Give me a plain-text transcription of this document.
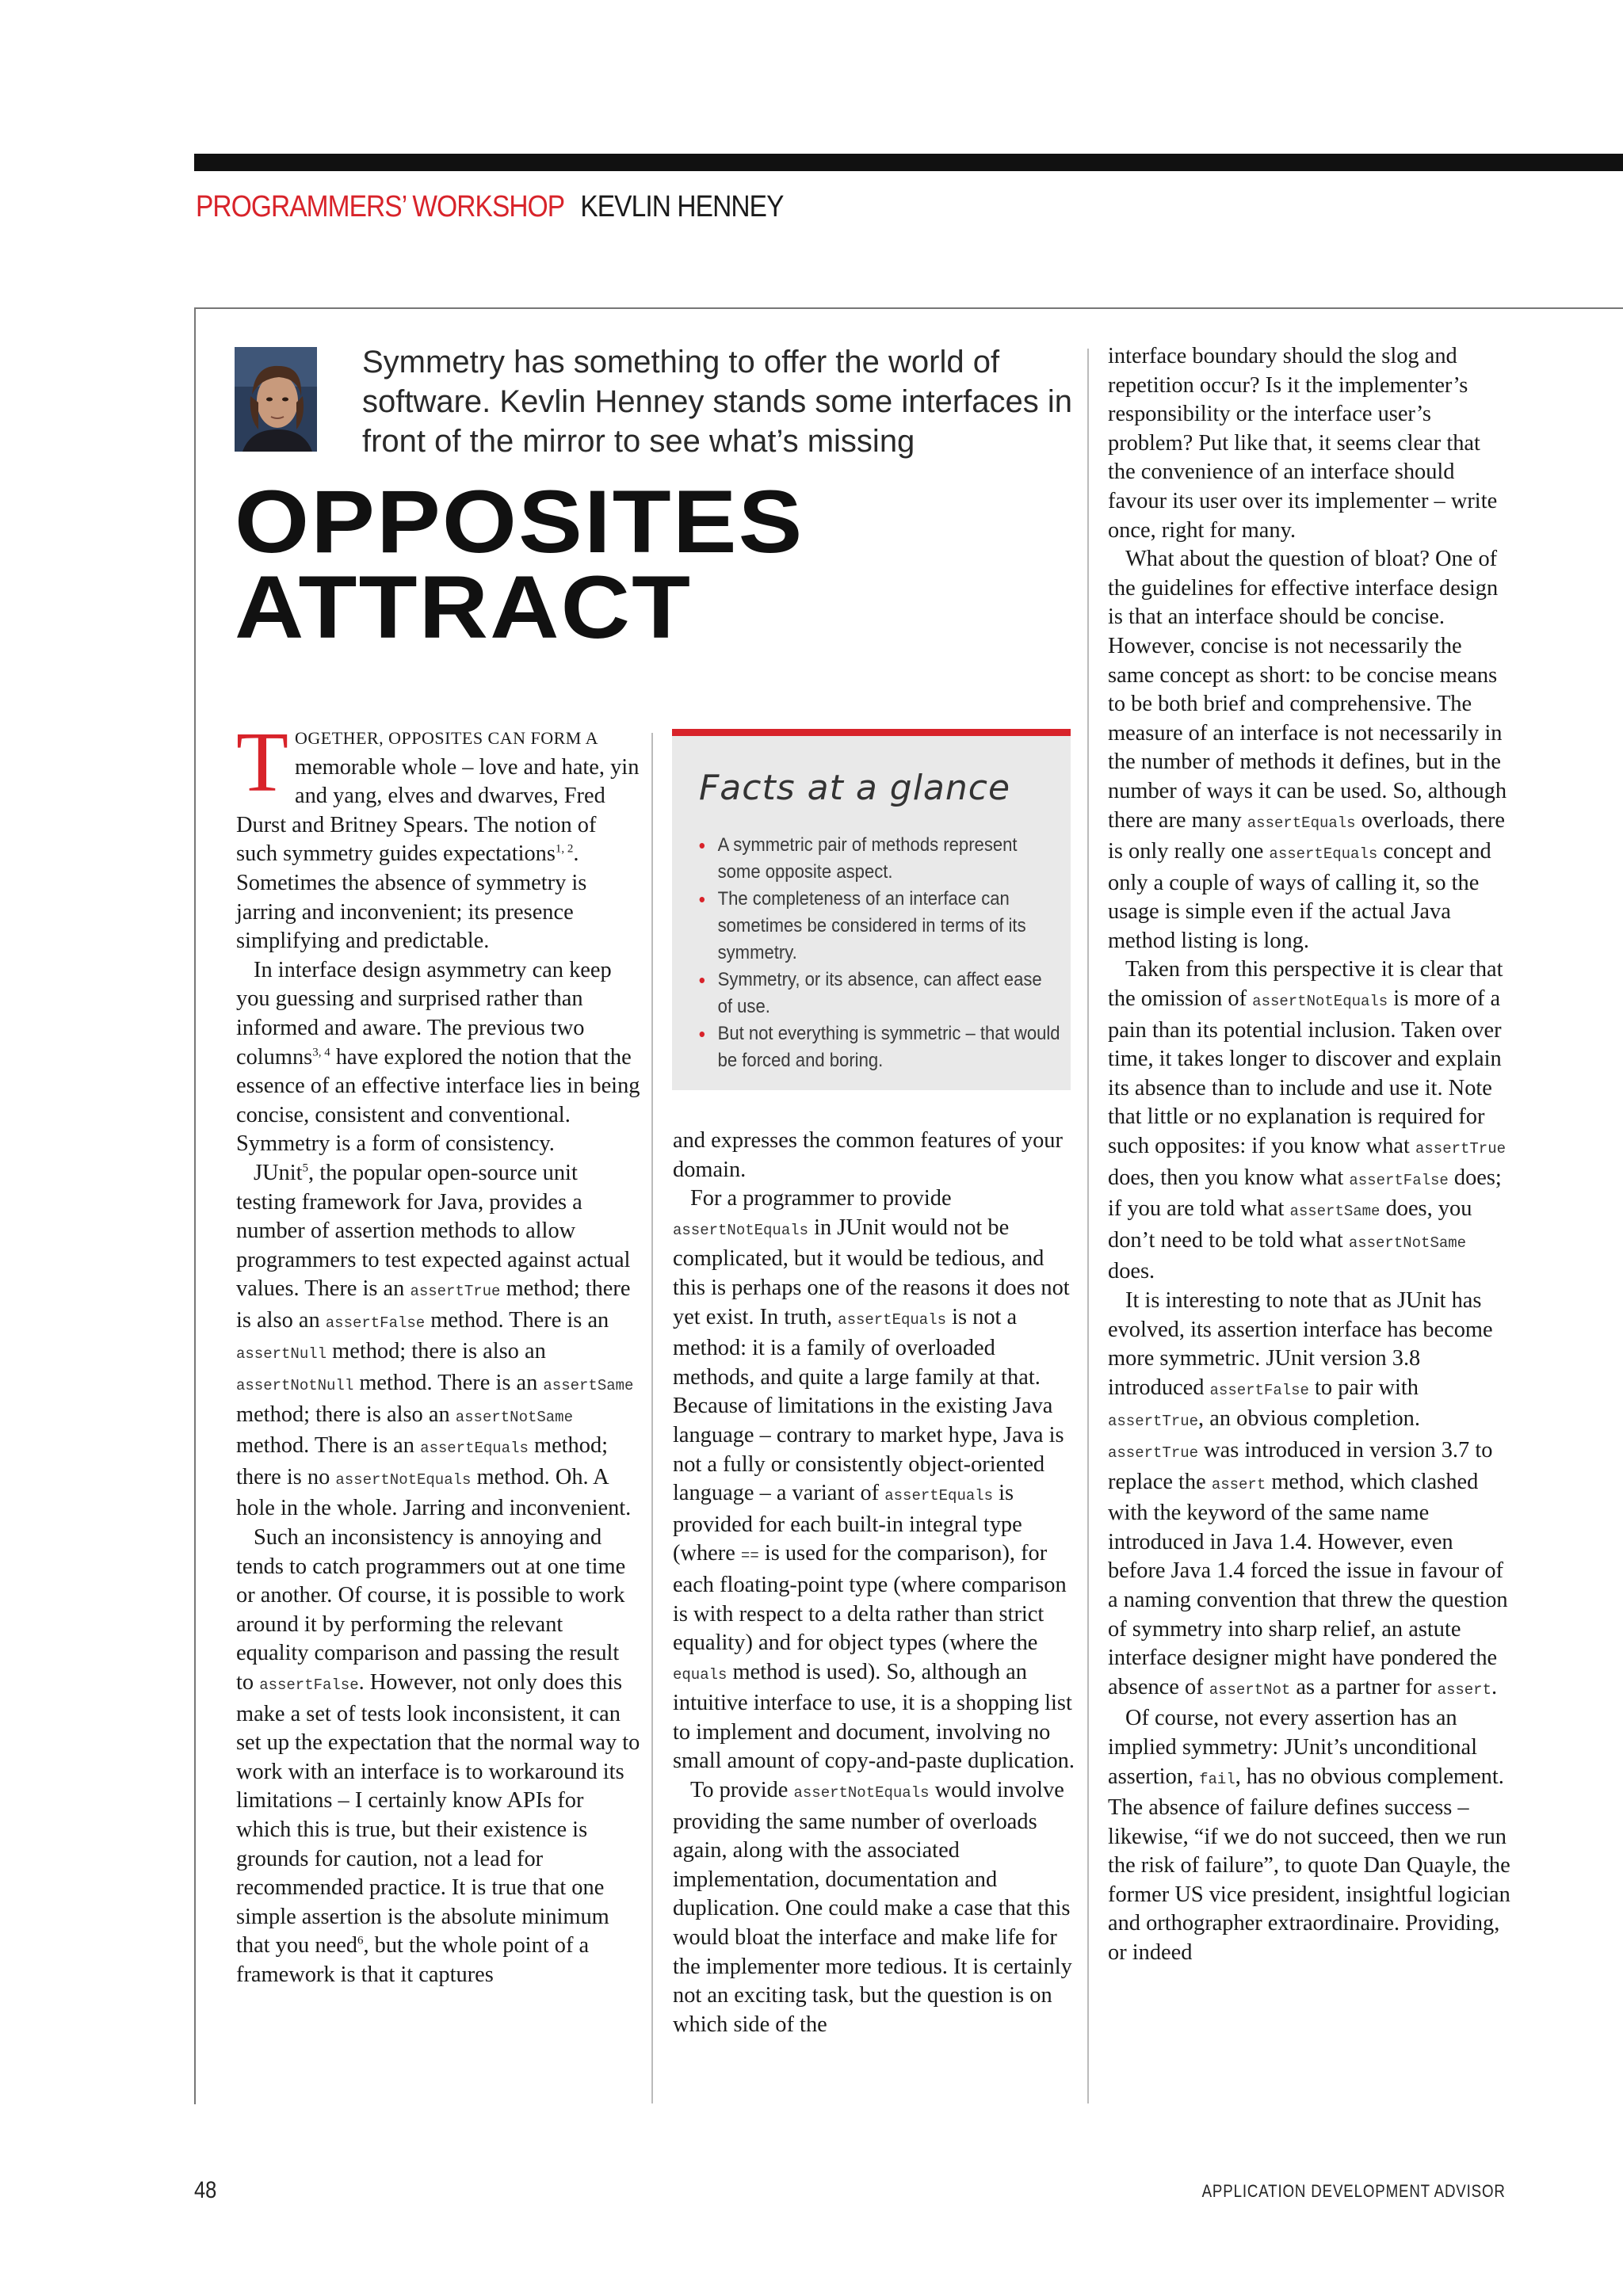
PROGRAMMERS’ WORKSHOP KEVLIN HENNEY
Symmetry has something to offer the world of software. Kevlin Henney stands some interfaces in front of the mirror to see what’s missing
OPPOSITES
ATTRACT

TOGETHER, OPPOSITES CAN FORM A memorable whole – love and hate, yin and yang, elves and dwarves, Fred Durst and Britney Spears. The notion of such symmetry guides expectations$^{1, 2}$. Sometimes the absence of symmetry is jarring and inconvenient; its presence simplifying and predictable.

In interface design asymmetry can keep you guessing and surprised rather than informed and aware. The previous two columns$^{3, 4}$ have explored the notion that the essence of an effective interface lies in being concise, consistent and conventional. Symmetry is a form of consistency.

JUnit$^5$, the popular open-source unit testing framework for Java, provides a number of assertion methods to allow programmers to test expected against actual values. There is an assertTrue method; there is also an assertFalse method. There is an assertNull method; there is also an assertNotNull method. There is an assertSame method; there is also an assertNotSame method. There is an assertEquals method; there is no assertNotEquals method. Oh. A hole in the whole. Jarring and inconvenient.

Such an inconsistency is annoying and tends to catch programmers out at one time or another. Of course, it is possible to work around it by performing the relevant equality comparison and passing the result to assertFalse. However, not only does this make a set of tests look inconsistent, it can set up the expectation that the normal way to work with an interface is to workaround its limitations – I certainly know APIs for which this is true, but their existence is grounds for caution, not a lead for recommended practice. It is true that one simple assertion is the absolute minimum that you need$^6$, but the whole point of a framework is that it captures

Facts at a glance
• A symmetric pair of methods represent some opposite aspect.
• The completeness of an interface can sometimes be considered in terms of its symmetry.
• Symmetry, or its absence, can affect ease of use.
• But not everything is symmetric – that would be forced and boring.

and expresses the common features of your domain.

For a programmer to provide assertNotEquals in JUnit would not be complicated, but it would be tedious, and this is perhaps one of the reasons it does not yet exist. In truth, assertEquals is not a method: it is a family of overloaded methods, and quite a large family at that. Because of limitations in the existing Java language – contrary to market hype, Java is not a fully or consistently object-oriented language – a variant of assertEquals is provided for each built-in integral type (where == is used for the comparison), for each floating-point type (where comparison is with respect to a delta rather than strict equality) and for object types (where the equals method is used). So, although an intuitive interface to use, it is a shopping list to implement and document, involving no small amount of copy-and-paste duplication.

To provide assertNotEquals would involve providing the same number of overloads again, along with the associated implementation, documentation and duplication. One could make a case that this would bloat the interface and make life for the implementer more tedious. It is certainly not an exciting task, but the question is on which side of the

interface boundary should the slog and repetition occur? Is it the implementer’s responsibility or the interface user’s problem? Put like that, it seems clear that the convenience of an interface should favour its user over its implementer – write once, right for many.

What about the question of bloat? One of the guidelines for effective interface design is that an interface should be concise. However, concise is not necessarily the same concept as short: to be concise means to be both brief and comprehensive. The measure of an interface is not necessarily in the number of methods it defines, but in the number of ways it can be used. So, although there are many assertEquals overloads, there is only really one assertEquals concept and only a couple of ways of calling it, so the usage is simple even if the actual Java method listing is long.

Taken from this perspective it is clear that the omission of assertNotEquals is more of a pain than its potential inclusion. Taken over time, it takes longer to discover and explain its absence than to include and use it. Note that little or no explanation is required for such opposites: if you know what assertTrue does, then you know what assertFalse does; if you are told what assertSame does, you don’t need to be told what assertNotSame does.

It is interesting to note that as JUnit has evolved, its assertion interface has become more symmetric. JUnit version 3.8 introduced assertFalse to pair with assertTrue, an obvious completion. assertTrue was introduced in version 3.7 to replace the assert method, which clashed with the keyword of the same name introduced in Java 1.4. However, even before Java 1.4 forced the issue in favour of a naming convention that threw the question of symmetry into sharp relief, an astute interface designer might have pondered the absence of assertNot as a partner for assert.

Of course, not every assertion has an implied symmetry: JUnit’s unconditional assertion, fail, has no obvious complement. The absence of failure defines success – likewise, “if we do not succeed, then we run the risk of failure”, to quote Dan Quayle, the former US vice president, insightful logician and orthographer extraordinaire. Providing, or indeed

48	APPLICATION DEVELOPMENT ADVISOR
